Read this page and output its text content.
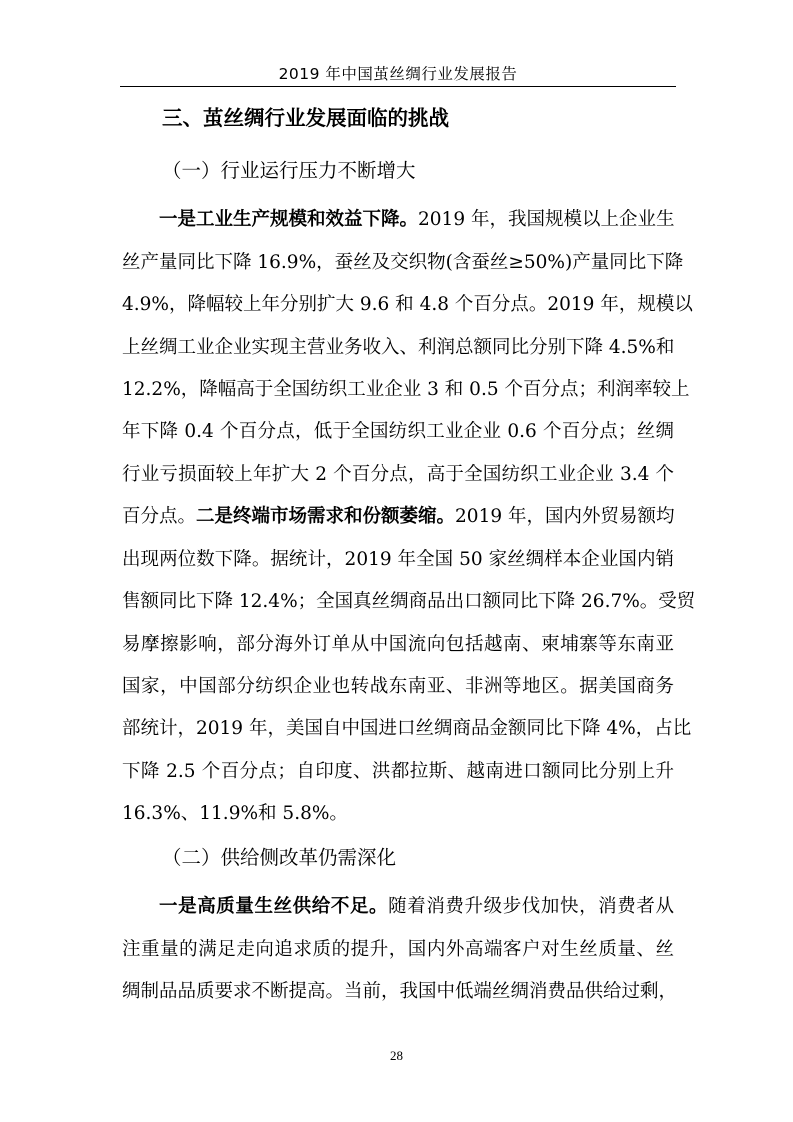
2019 年中国茧丝绸行业发展报告
三、茧丝绸行业发展面临的挑战
（一）行业运行压力不断增大
一是工业生产规模和效益下降。2019 年，我国规模以上企业生
丝产量同比下降 16.9%，蚕丝及交织物(含蚕丝≥50%)产量同比下降
4.9%，降幅较上年分别扩大 9.6 和 4.8 个百分点。2019 年，规模以
上丝绸工业企业实现主营业务收入、利润总额同比分别下降 4.5%和
12.2%，降幅高于全国纺织工业企业 3 和 0.5 个百分点；利润率较上
年下降 0.4 个百分点，低于全国纺织工业企业 0.6 个百分点；丝绸
行业亏损面较上年扩大 2 个百分点，高于全国纺织工业企业 3.4 个
百分点。二是终端市场需求和份额萎缩。2019 年，国内外贸易额均
出现两位数下降。据统计，2019 年全国 50 家丝绸样本企业国内销
售额同比下降 12.4%；全国真丝绸商品出口额同比下降 26.7%。受贸
易摩擦影响，部分海外订单从中国流向包括越南、柬埔寨等东南亚
国家，中国部分纺织企业也转战东南亚、非洲等地区。据美国商务
部统计，2019 年，美国自中国进口丝绸商品金额同比下降 4%，占比
下降 2.5 个百分点；自印度、洪都拉斯、越南进口额同比分别上升
16.3%、11.9%和 5.8%。
（二）供给侧改革仍需深化
一是高质量生丝供给不足。随着消费升级步伐加快，消费者从
注重量的满足走向追求质的提升，国内外高端客户对生丝质量、丝
绸制品品质要求不断提高。当前，我国中低端丝绸消费品供给过剩，
28
